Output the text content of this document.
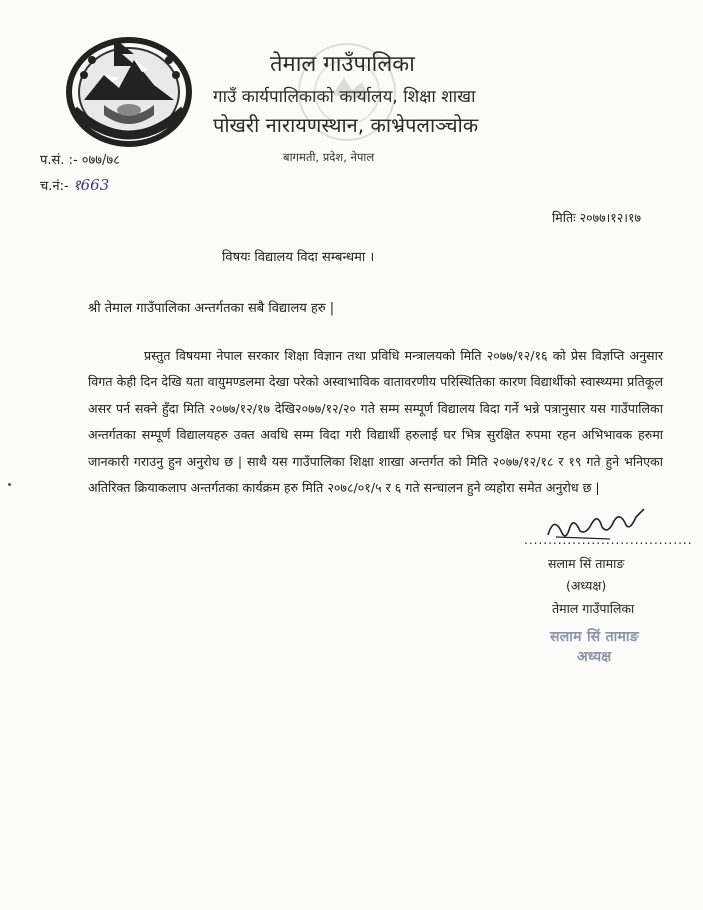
तेमाल गाउँपालिका
गाउँ कार्यपालिकाको कार्यालय, शिक्षा शाखा
पोखरी नारायणस्थान, काभ्रेपलाञ्चोक
बागमती, प्रदेश, नेपाल
प.सं. :- ०७७/७८
च.नं:- १663
मितिः २०७७।१२।१७
विषयः विद्यालय विदा सम्बन्धमा ।
श्री तेमाल गाउँपालिका अन्तर्गतका सबै विद्यालय हरु |
प्रस्तुत विषयमा नेपाल सरकार शिक्षा विज्ञान तथा प्रविधि मन्त्रालयको मिति २०७७/१२/१६ को प्रेस विज्ञप्ति अनुसार विगत केही दिन देखि यता वायुमण्डलमा देखा परेको अस्वाभाविक वातावरणीय परिस्थितिका कारण विद्यार्थीको स्वास्थ्यमा प्रतिकूल असर पर्न सक्ने हुँदा मिति २०७७/१२/१७ देखि२०७७/१२/२० गते सम्म सम्पूर्ण विद्यालय विदा गर्ने भन्ने पत्रानुसार यस गाउँपालिका अन्तर्गतका सम्पूर्ण विद्यालयहरु उक्त अवधि सम्म विदा गरी विद्यार्थी हरुलाई घर भित्र सुरक्षित रुपमा रहन अभिभावक हरुमा जानकारी गराउनु हुन अनुरोध छ | साथै यस गाउँपालिका शिक्षा शाखा अन्तर्गत को मिति २०७७/१२/१८ र १९ गते हुने भनिएका अतिरिक्त क्रियाकलाप अन्तर्गतका कार्यक्रम हरु मिति २०७८/०१/५ र ६ गते सन्चालन हुने व्यहोरा समेत अनुरोध छ |
...................................
सलाम सिं तामाङ
(अध्यक्ष)
तेमाल गाउँपालिका
सलाम सिं तामाङ
अध्यक्ष
